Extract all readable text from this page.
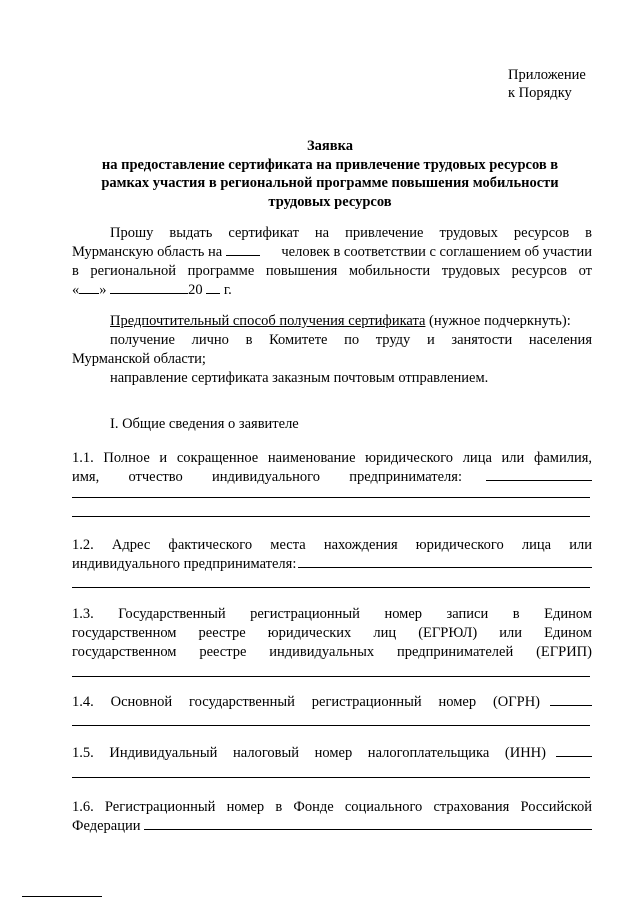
Приложение
к Порядку
Заявка
на предоставление сертификата на привлечение трудовых ресурсов в
рамках участия в региональной программе повышения мобильности
трудовых ресурсов
Прошу выдать сертификат на привлечение трудовых ресурсов в
Мурманскую область на	человек в соответствии с соглашением об участии
в региональной программе повышения мобильности трудовых ресурсов от
« »	20 г.
Предпочтительный способ получения сертификата (нужное подчеркнуть):
получение лично в Комитете по труду и занятости населения
Мурманской области;
направление сертификата заказным почтовым отправлением.
I. Общие сведения о заявителе
1.1. Полное и сокращенное наименование юридического лица или фамилия,
имя, отчество индивидуального предпринимателя:
1.2. Адрес фактического места нахождения юридического лица или
индивидуального предпринимателя:
1.3. Государственный регистрационный номер записи в Едином
государственном реестре юридических лиц (ЕГРЮЛ) или Едином
государственном реестре индивидуальных предпринимателей (ЕГРИП)
1.4. Основной государственный регистрационный номер (ОГРН)
1.5. Индивидуальный налоговый номер налогоплательщика (ИНН)
1.6. Регистрационный номер в Фонде социального страхования Российской
Федерации
